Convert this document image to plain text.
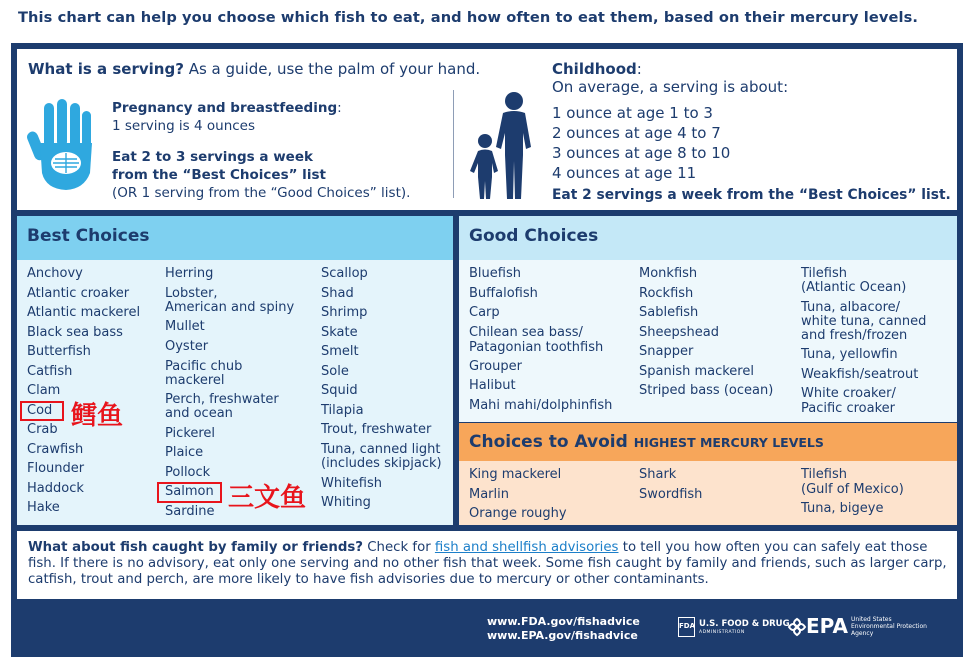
This chart can help you choose which fish to eat, and how often to eat them, based on their mercury levels.
What is a serving? As a guide, use the palm of your hand.
Pregnancy and breastfeeding:
1 serving is 4 ounces
Eat 2 to 3 servings a week
from the “Best Choices” list
(OR 1 serving from the “Good Choices” list).
Childhood:
On average, a serving is about:
1 ounce at age 1 to 3
2 ounces at age 4 to 7
3 ounces at age 8 to 10
4 ounces at age 11
Eat 2 servings a week from the “Best Choices” list.
Best Choices
Anchovy
Atlantic croaker
Atlantic mackerel
Black sea bass
Butterfish
Catfish
Clam
Cod
Crab
Crawfish
Flounder
Haddock
Hake
Herring
Lobster,
American and spiny
Mullet
Oyster
Pacific chub
mackerel
Perch, freshwater
and ocean
Pickerel
Plaice
Pollock
Salmon
Sardine
Scallop
Shad
Shrimp
Skate
Smelt
Sole
Squid
Tilapia
Trout, freshwater
Tuna, canned light
(includes skipjack)
Whitefish
Whiting
鳕鱼
三文鱼
Good Choices
Bluefish
Buffalofish
Carp
Chilean sea bass/
Patagonian toothfish
Grouper
Halibut
Mahi mahi/dolphinfish
Monkfish
Rockfish
Sablefish
Sheepshead
Snapper
Spanish mackerel
Striped bass (ocean)
Tilefish
(Atlantic Ocean)
Tuna, albacore/
white tuna, canned
and fresh/frozen
Tuna, yellowfin
Weakfish/seatrout
White croaker/
Pacific croaker
Choices to Avoid HIGHEST MERCURY LEVELS
King mackerel
Marlin
Orange roughy
Shark
Swordfish
Tilefish
(Gulf of Mexico)
Tuna, bigeye

What about fish caught by family or friends? Check for fish and shellfish advisories to tell you how often you can safely eat those fish. If there is no advisory, eat only one serving and no other fish that week. Some fish caught by family and friends, such as larger carp, catfish, trout and perch, are more likely to have fish advisories due to mercury or other contaminants.

www.FDA.gov/fishadvice
www.EPA.gov/fishadvice
FDA U.S. FOOD & DRUG
ADMINISTRATION	EPA United States
Environmental Protection
Agency
